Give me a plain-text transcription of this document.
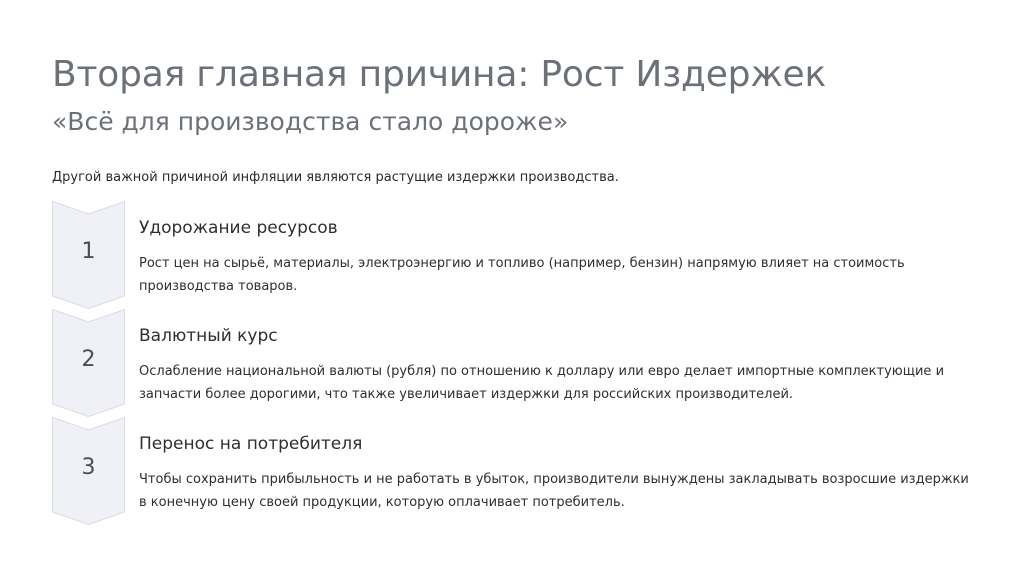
Вторая главная причина: Рост Издержек
«Всё для производства стало дороже»
Другой важной причиной инфляции являются растущие издержки производства.
1
Удорожание ресурсов
Рост цен на сырьё, материалы, электроэнергию и топливо (например, бензин) напрямую влияет на стоимость производства товаров.
2
Валютный курс
Ослабление национальной валюты (рубля) по отношению к доллару или евро делает импортные комплектующие и запчасти более дорогими, что также увеличивает издержки для российских производителей.
3
Перенос на потребителя
Чтобы сохранить прибыльность и не работать в убыток, производители вынуждены закладывать возросшие издержки в конечную цену своей продукции, которую оплачивает потребитель.
